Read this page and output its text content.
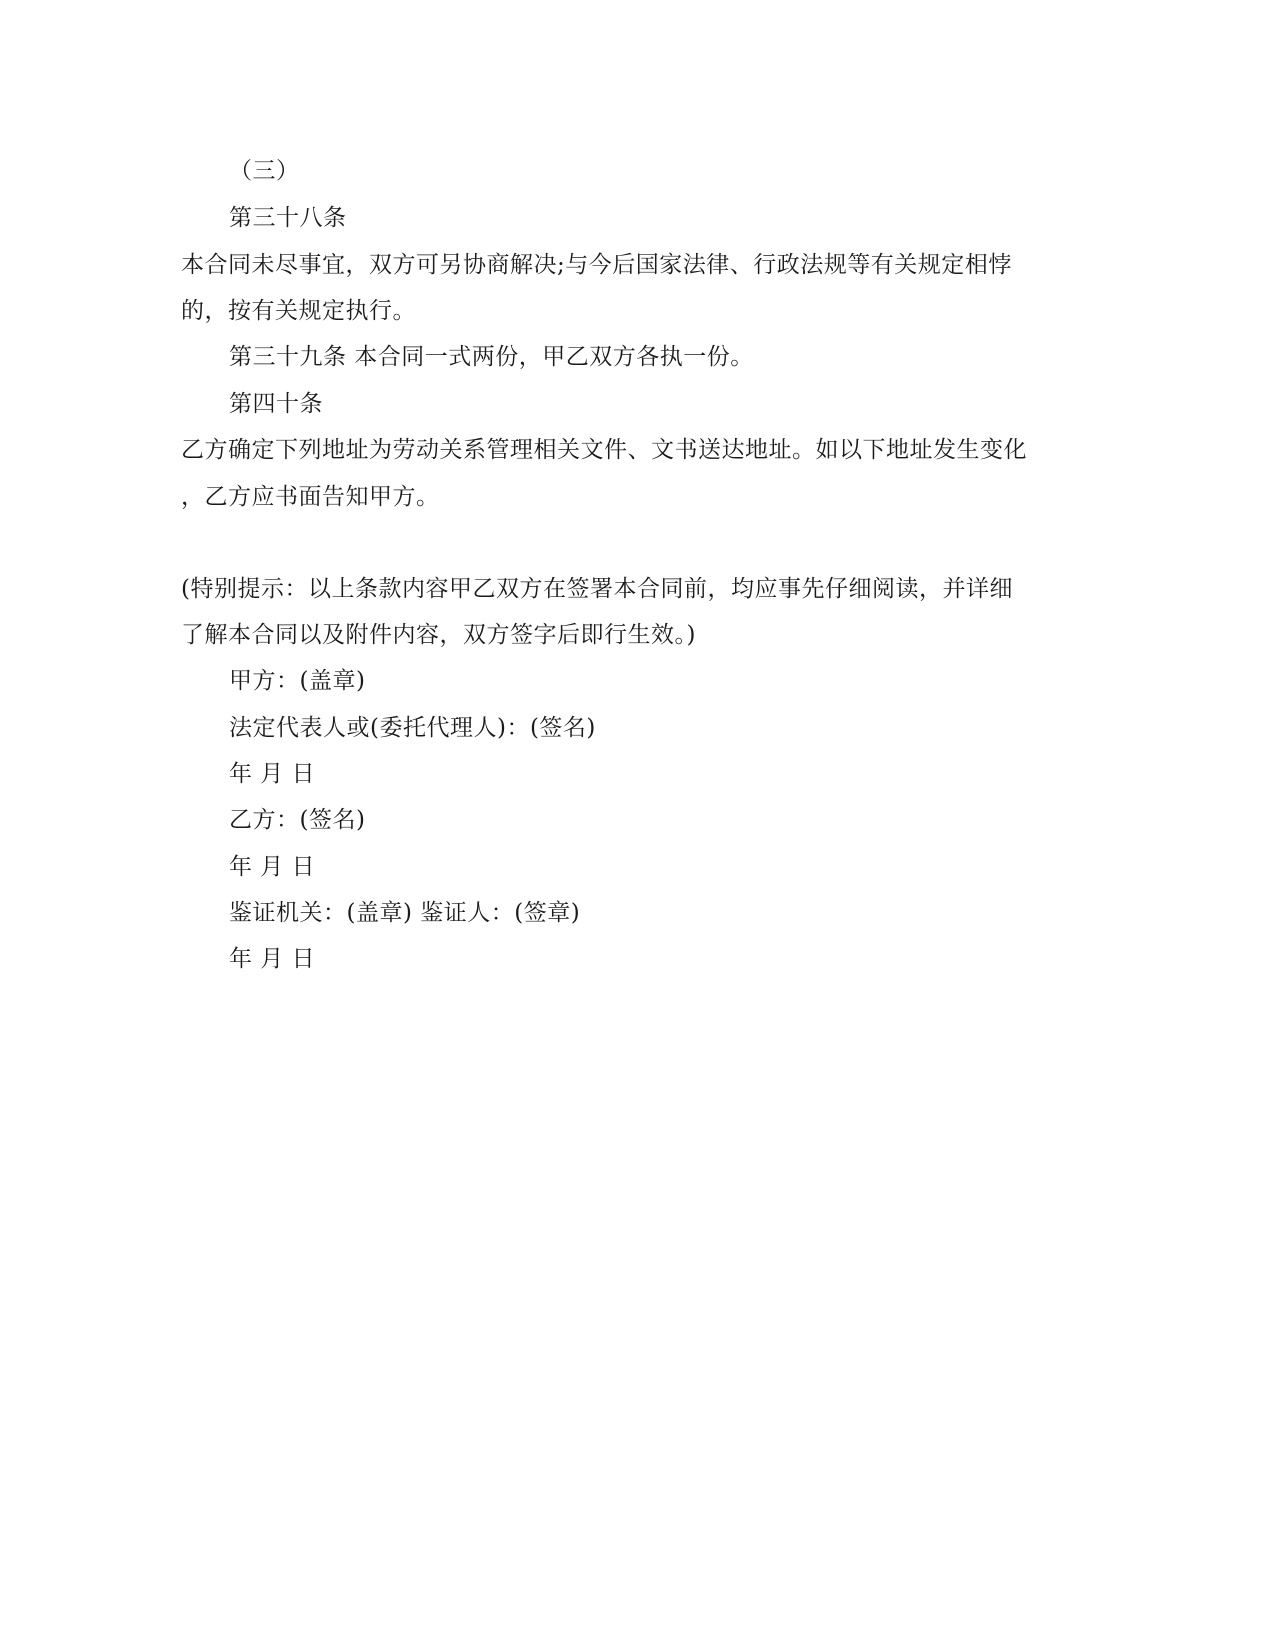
（三）
第三十八条
本合同未尽事宜，双方可另协商解决;与今后国家法律、行政法规等有关规定相悖
的，按有关规定执行。
第三十九条 本合同一式两份，甲乙双方各执一份。
第四十条
乙方确定下列地址为劳动关系管理相关文件、文书送达地址。如以下地址发生变化
，乙方应书面告知甲方。
(特别提示：以上条款内容甲乙双方在签署本合同前，均应事先仔细阅读，并详细
了解本合同以及附件内容，双方签字后即行生效。)
甲方：(盖章)
法定代表人或(委托代理人)：(签名)
年 月 日
乙方：(签名)
年 月 日
鉴证机关：(盖章) 鉴证人：(签章)
年 月 日
